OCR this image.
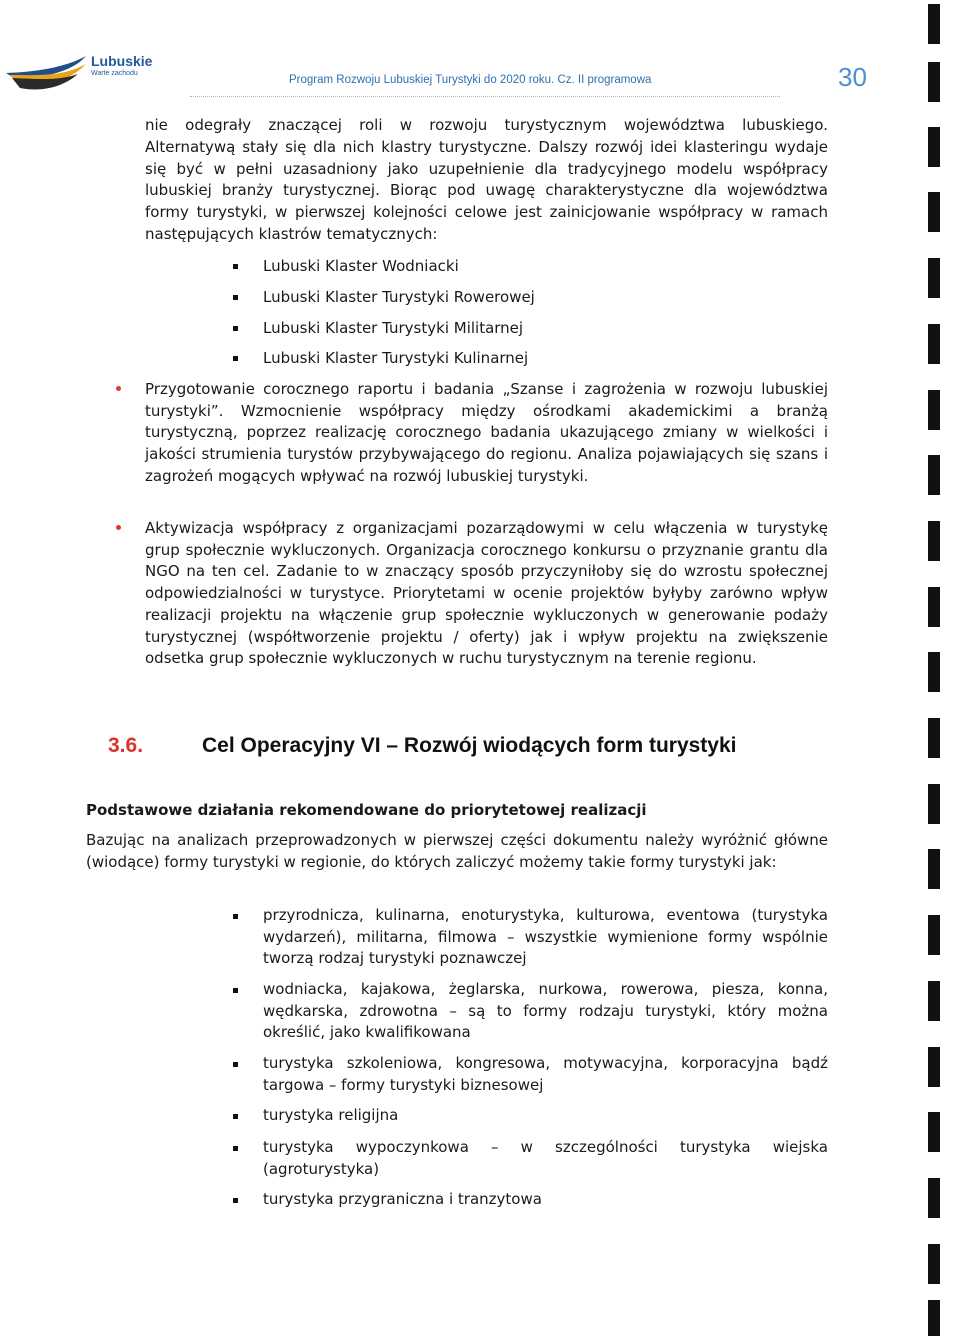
Lubuskie
Warte zachodu
Program Rozwoju Lubuskiej Turystyki do 2020 roku. Cz. II programowa	30

nie odegrały znaczącej roli w rozwoju turystycznym województwa lubuskiego.

Alternatywą stały się dla nich klastry turystyczne. Dalszy rozwój idei klasteringu wydaje się być w pełni uzasadniony jako uzupełnienie dla tradycyjnego modelu współpracy lubuskiej branży turystycznej. Biorąc pod uwagę charakterystyczne dla województwa formy turystyki, w pierwszej kolejności celowe jest zainicjowanie współpracy w ramach następujących klastrów tematycznych:

Lubuski Klaster Wodniacki
Lubuski Klaster Turystyki Rowerowej
Lubuski Klaster Turystyki Militarnej
Lubuski Klaster Turystyki Kulinarnej

Przygotowanie corocznego raportu i badania „Szanse i zagrożenia w rozwoju lubuskiej turystyki”. Wzmocnienie współpracy między ośrodkami akademickimi a branżą turystyczną, poprzez realizację corocznego badania ukazującego zmiany w wielkości i jakości strumienia turystów przybywającego do regionu. Analiza pojawiających się szans i zagrożeń mogących wpływać na rozwój lubuskiej turystyki.

Aktywizacja współpracy z organizacjami pozarządowymi w celu włączenia w turystykę grup społecznie wykluczonych. Organizacja corocznego konkursu o przyznanie grantu dla NGO na ten cel. Zadanie to w znaczący sposób przyczyniłoby się do wzrostu społecznej odpowiedzialności w turystyce. Priorytetami w ocenie projektów byłyby zarówno wpływ realizacji projektu na włączenie grup społecznie wykluczonych w generowanie podaży turystycznej (współtworzenie projektu / oferty) jak i wpływ projektu na zwiększenie odsetka grup społecznie wykluczonych w ruchu turystycznym na terenie regionu.

3.6.	Cel Operacyjny VI – Rozwój wiodących form turystyki
Podstawowe działania rekomendowane do priorytetowej realizacji

Bazując na analizach przeprowadzonych w pierwszej części dokumentu należy wyróżnić główne (wiodące) formy turystyki w regionie, do których zaliczyć możemy takie formy turystyki jak:

przyrodnicza, kulinarna, enoturystyka, kulturowa, eventowa (turystyka wydarzeń), militarna, filmowa – wszystkie wymienione formy wspólnie tworzą rodzaj turystyki poznawczej

wodniacka, kajakowa, żeglarska, nurkowa, rowerowa, piesza, konna, wędkarska, zdrowotna – są to formy rodzaju turystyki, który można określić, jako kwalifikowana

turystyka szkoleniowa, kongresowa, motywacyjna, korporacyjna bądź targowa – formy turystyki biznesowej

turystyka religijna

turystyka wypoczynkowa – w szczególności turystyka wiejska (agroturystyka)

turystyka przygraniczna i tranzytowa
